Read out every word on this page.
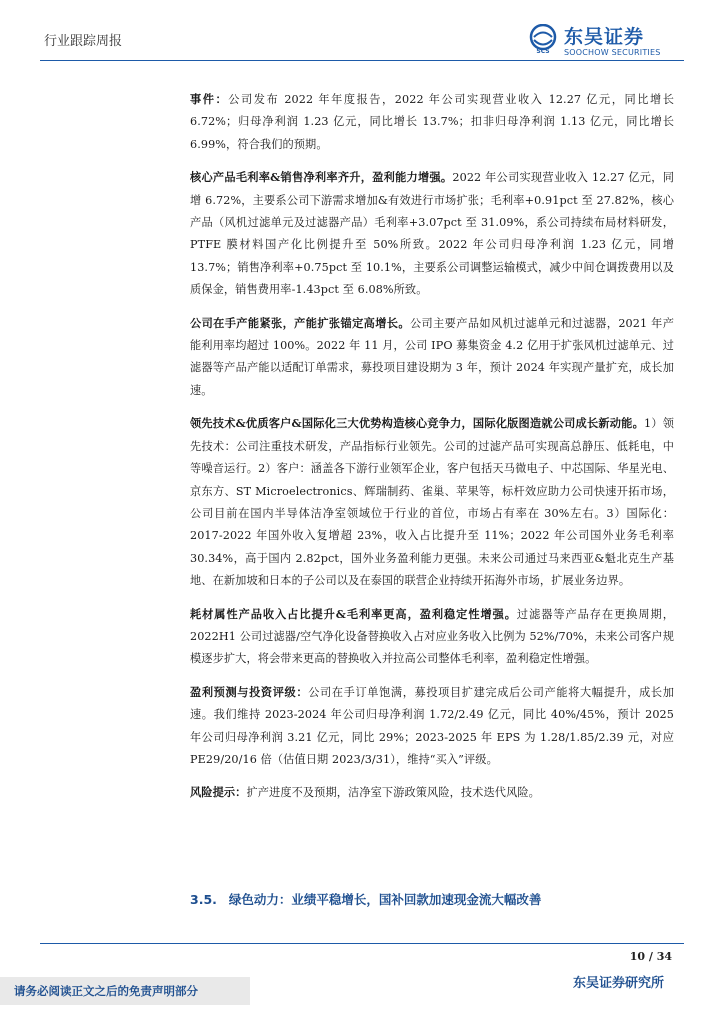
行业跟踪周报
SCS
东吴证券
SOOCHOW SECURITIES

事件：公司发布 2022 年年度报告，2022 年公司实现营业收入 12.27 亿元，同比增长 6.72%；归母净利润 1.23 亿元，同比增长 13.7%；扣非归母净利润 1.13 亿元，同比增长 6.99%，符合我们的预期。

核心产品毛利率&销售净利率齐升，盈利能力增强。2022 年公司实现营业收入 12.27 亿元，同增 6.72%，主要系公司下游需求增加&有效进行市场扩张；毛利率+0.91pct 至 27.82%，核心产品（风机过滤单元及过滤器产品）毛利率+3.07pct 至 31.09%，系公司持续布局材料研发，PTFE 膜材料国产化比例提升至 50%所致。2022 年公司归母净利润 1.23 亿元，同增 13.7%；销售净利率+0.75pct 至 10.1%，主要系公司调整运输模式，减少中间仓调拨费用以及质保金，销售费用率-1.43pct 至 6.08%所致。

公司在手产能紧张，产能扩张锚定高增长。公司主要产品如风机过滤单元和过滤器，2021 年产能利用率均超过 100%。2022 年 11 月，公司 IPO 募集资金 4.2 亿用于扩张风机过滤单元、过滤器等产品产能以适配订单需求，募投项目建设期为 3 年，预计 2024 年实现产量扩充，成长加速。

领先技术&优质客户&国际化三大优势构造核心竞争力，国际化版图造就公司成长新动能。1）领先技术：公司注重技术研发，产品指标行业领先。公司的过滤产品可实现高总静压、低耗电，中等噪音运行。2）客户：涵盖各下游行业领军企业，客户包括天马微电子、中芯国际、华星光电、京东方、ST Microelectronics、辉瑞制药、雀巢、苹果等，标杆效应助力公司快速开拓市场，公司目前在国内半导体洁净室领域位于行业的首位，市场占有率在 30%左右。3）国际化：2017-2022 年国外收入复增超 23%，收入占比提升至 11%；2022 年公司国外业务毛利率 30.34%，高于国内 2.82pct，国外业务盈利能力更强。未来公司通过马来西亚&魁北克生产基地、在新加坡和日本的子公司以及在泰国的联营企业持续开拓海外市场，扩展业务边界。

耗材属性产品收入占比提升&毛利率更高，盈利稳定性增强。过滤器等产品存在更换周期，2022H1 公司过滤器/空气净化设备替换收入占对应业务收入比例为 52%/70%，未来公司客户规模逐步扩大，将会带来更高的替换收入并拉高公司整体毛利率，盈利稳定性增强。

盈利预测与投资评级：公司在手订单饱满，募投项目扩建完成后公司产能将大幅提升，成长加速。我们维持 2023-2024 年公司归母净利润 1.72/2.49 亿元，同比 40%/45%，预计 2025 年公司归母净利润 3.21 亿元，同比 29%；2023-2025 年 EPS 为 1.28/1.85/2.39 元，对应 PE29/20/16 倍（估值日期 2023/3/31），维持“买入”评级。

风险提示：扩产进度不及预期，洁净室下游政策风险，技术迭代风险。

3.5. 绿色动力：业绩平稳增长，国补回款加速现金流大幅改善
10 / 34
请务必阅读正文之后的免责声明部分	东吴证券研究所
